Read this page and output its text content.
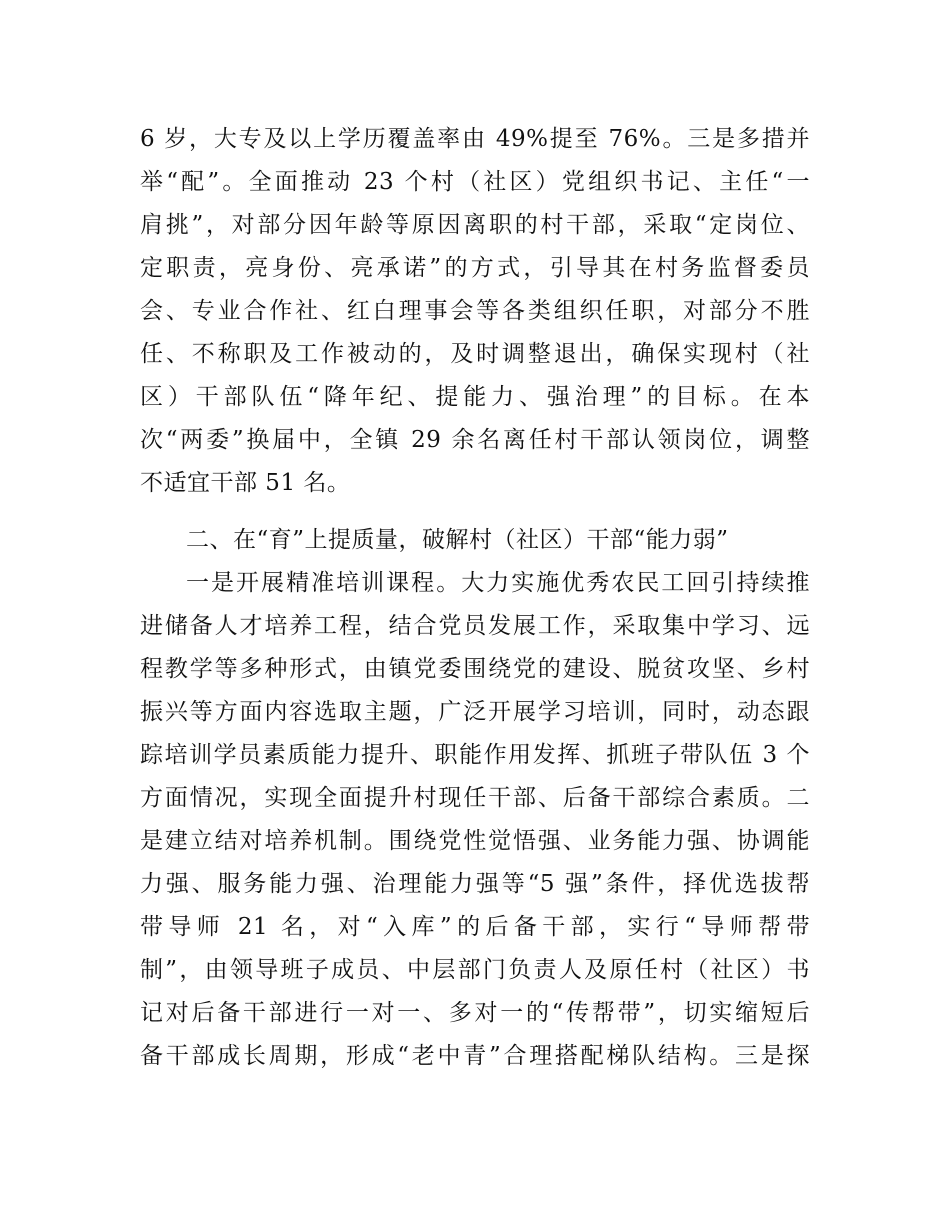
6 岁，大专及以上学历覆盖率由 49%提至 76%。三是多措并
举“配”。全面推动 23 个村（社区）党组织书记、主任“一
肩挑”，对部分因年龄等原因离职的村干部，采取“定岗位、
定职责，亮身份、亮承诺”的方式，引导其在村务监督委员
会、专业合作社、红白理事会等各类组织任职，对部分不胜
任、不称职及工作被动的，及时调整退出，确保实现村（社
区）干部队伍“降年纪、提能力、强治理”的目标。在本
次“两委”换届中，全镇 29 余名离任村干部认领岗位，调整
不适宜干部 51 名。
二、在“育”上提质量，破解村（社区）干部“能力弱”
一是开展精准培训课程。大力实施优秀农民工回引持续推
进储备人才培养工程，结合党员发展工作，采取集中学习、远
程教学等多种形式，由镇党委围绕党的建设、脱贫攻坚、乡村
振兴等方面内容选取主题，广泛开展学习培训，同时，动态跟
踪培训学员素质能力提升、职能作用发挥、抓班子带队伍 3 个
方面情况，实现全面提升村现任干部、后备干部综合素质。二
是建立结对培养机制。围绕党性觉悟强、业务能力强、协调能
力强、服务能力强、治理能力强等“5 强”条件，择优选拔帮
带导师 21 名，对“入库”的后备干部，实行“导师帮带
制”，由领导班子成员、中层部门负责人及原任村（社区）书
记对后备干部进行一对一、多对一的“传帮带”，切实缩短后
备干部成长周期，形成“老中青”合理搭配梯队结构。三是探
